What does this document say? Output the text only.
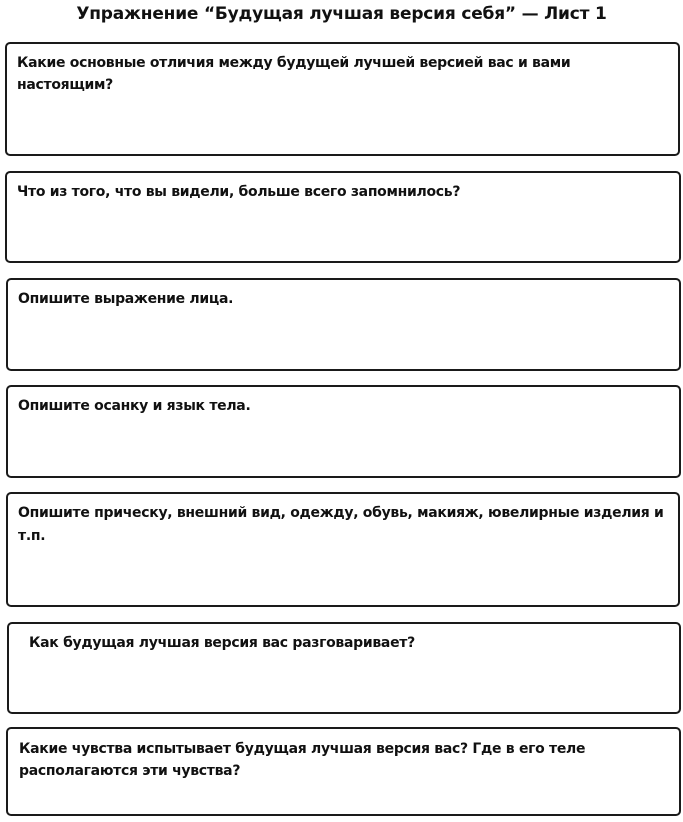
Упражнение “Будущая лучшая версия себя” — Лист 1
Какие основные отличия между будущей лучшей версией вас и вами настоящим?
Что из того, что вы видели, больше всего запомнилось?
Опишите выражение лица.
Опишите осанку и язык тела.
Опишите прическу, внешний вид, одежду, обувь, макияж, ювелирные изделия и т.п.
Как будущая лучшая версия вас разговаривает?
Какие чувства испытывает будущая лучшая версия вас? Где в его теле располагаются эти чувства?
